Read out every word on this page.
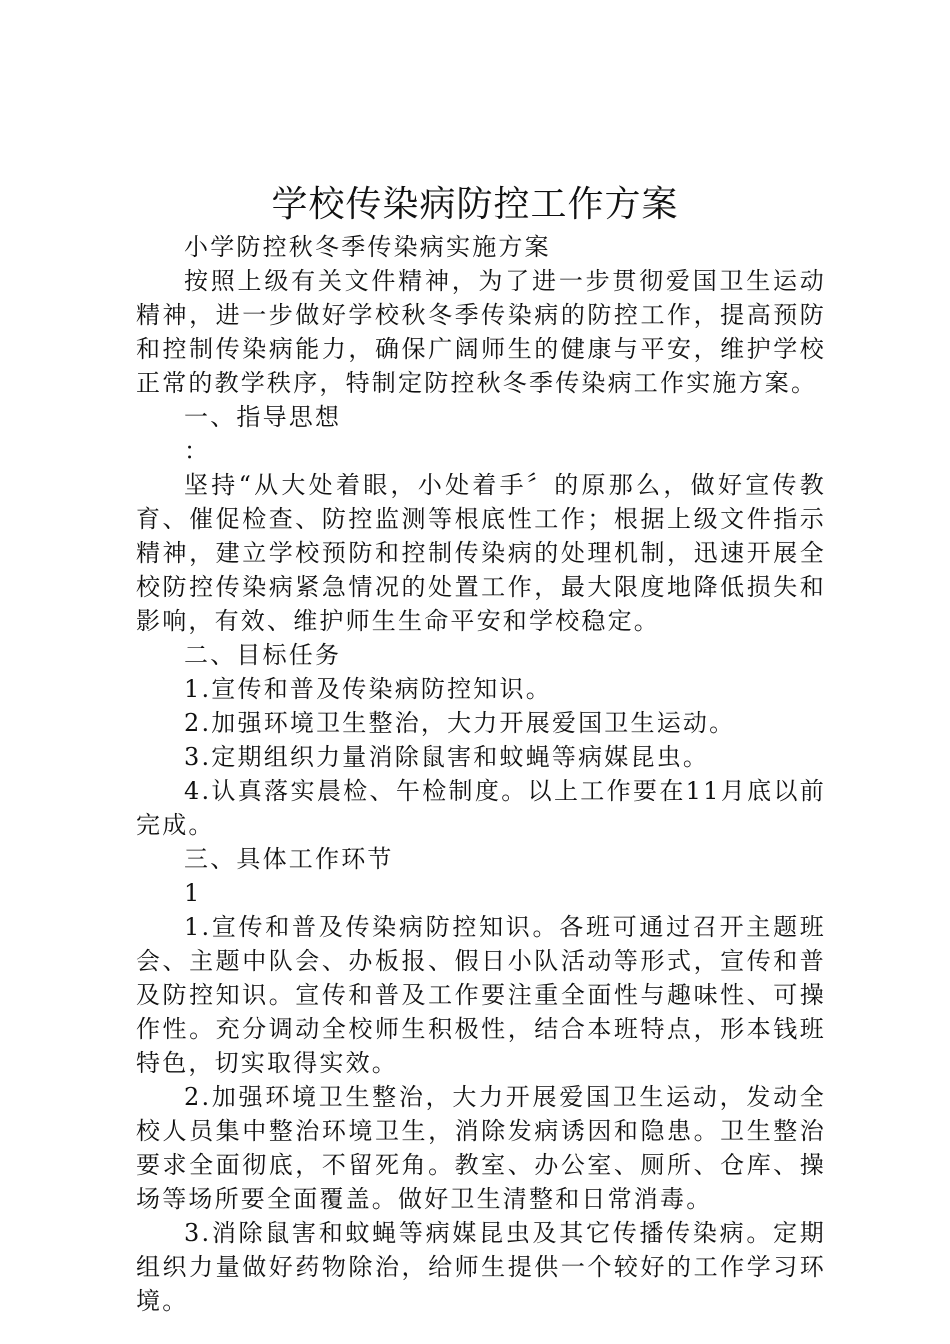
学校传染病防控工作方案

小学防控秋冬季传染病实施方案

按照上级有关文件精神，为了进一步贯彻爱国卫生运动精神，进一步做好学校秋冬季传染病的防控工作，提高预防和控制传染病能力，确保广阔师生的健康与平安，维护学校正常的教学秩序，特制定防控秋冬季传染病工作实施方案。

一、指导思想

：

坚持“从大处着眼，小处着手〞的原那么，做好宣传教育、催促检查、防控监测等根底性工作；根据上级文件指示精神，建立学校预防和控制传染病的处理机制，迅速开展全校防控传染病紧急情况的处置工作，最大限度地降低损失和影响，有效、维护师生生命平安和学校稳定。

二、目标任务

1.宣传和普及传染病防控知识。

2.加强环境卫生整治，大力开展爱国卫生运动。

3.定期组织力量消除鼠害和蚊蝇等病媒昆虫。

4.认真落实晨检、午检制度。以上工作要在11月底以前完成。

三、具体工作环节

1

1.宣传和普及传染病防控知识。各班可通过召开主题班会、主题中队会、办板报、假日小队活动等形式，宣传和普及防控知识。宣传和普及工作要注重全面性与趣味性、可操作性。充分调动全校师生积极性，结合本班特点，形本钱班特色，切实取得实效。

2.加强环境卫生整治，大力开展爱国卫生运动，发动全校人员集中整治环境卫生，消除发病诱因和隐患。卫生整治要求全面彻底，不留死角。教室、办公室、厕所、仓库、操场等场所要全面覆盖。做好卫生清整和日常消毒。

3.消除鼠害和蚊蝇等病媒昆虫及其它传播传染病。定期组织力量做好药物除治，给师生提供一个较好的工作学习环境。
